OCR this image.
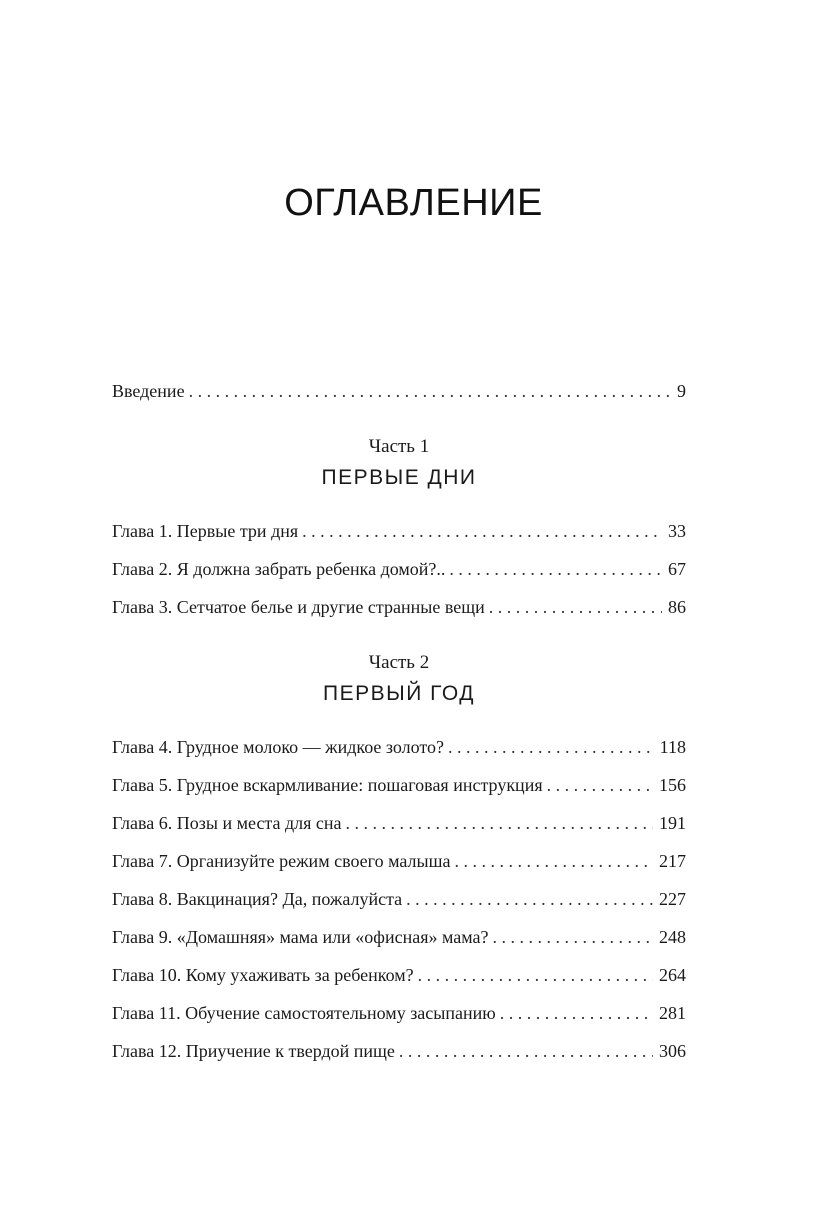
ОГЛАВЛЕНИЕ
Введение . . .	9
Часть 1
ПЕРВЫЕ ДНИ
Глава 1. Первые три дня . . .	33
Глава 2. Я должна забрать ребенка домой?.. . . .	67
Глава 3. Сетчатое белье и другие странные вещи . . .	86
Часть 2
ПЕРВЫЙ ГОД
Глава 4. Грудное молоко — жидкое золото? . . .	118
Глава 5. Грудное вскармливание: пошаговая инструкция . . .	156
Глава 6. Позы и места для сна . . .	191
Глава 7. Организуйте режим своего малыша . . .	217
Глава 8. Вакцинация? Да, пожалуйста . . .	227
Глава 9. «Домашняя» мама или «офисная» мама? . . .	248
Глава 10. Кому ухаживать за ребенком? . . .	264
Глава 11. Обучение самостоятельному засыпанию . . .	281
Глава 12. Приучение к твердой пище . . .	306
